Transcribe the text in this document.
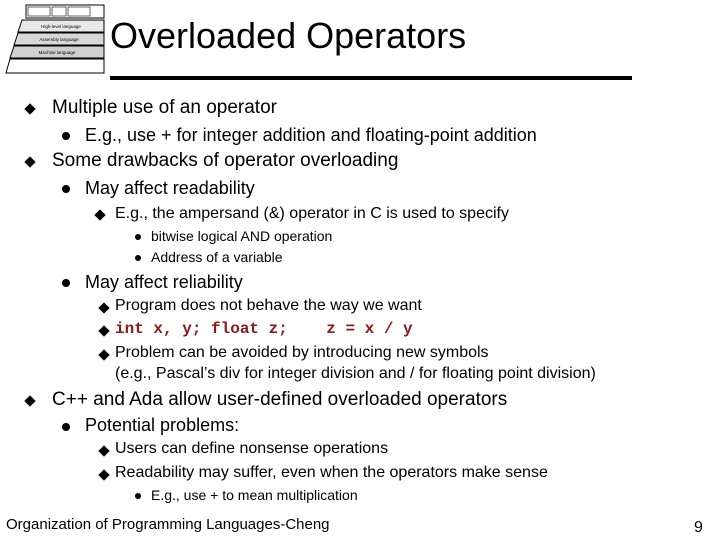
High-level language
Assembly language
Machine language Overloaded Operators
Multiple use of an operator
E.g., use + for integer addition and floating-point addition
Some drawbacks of operator overloading
May affect readability
E.g., the ampersand (&) operator in C is used to specify
bitwise logical AND operation
Address of a variable
May affect reliability
Program does not behave the way we want
int x, y; float z;    z = x / y
Problem can be avoided by introducing new symbols
(e.g., Pascal’s div for integer division and / for floating point division)
C++ and Ada allow user-defined overloaded operators
Potential problems:
Users can define nonsense operations
Readability may suffer, even when the operators make sense
E.g., use + to mean multiplication
Organization of Programming Languages-Cheng	9
